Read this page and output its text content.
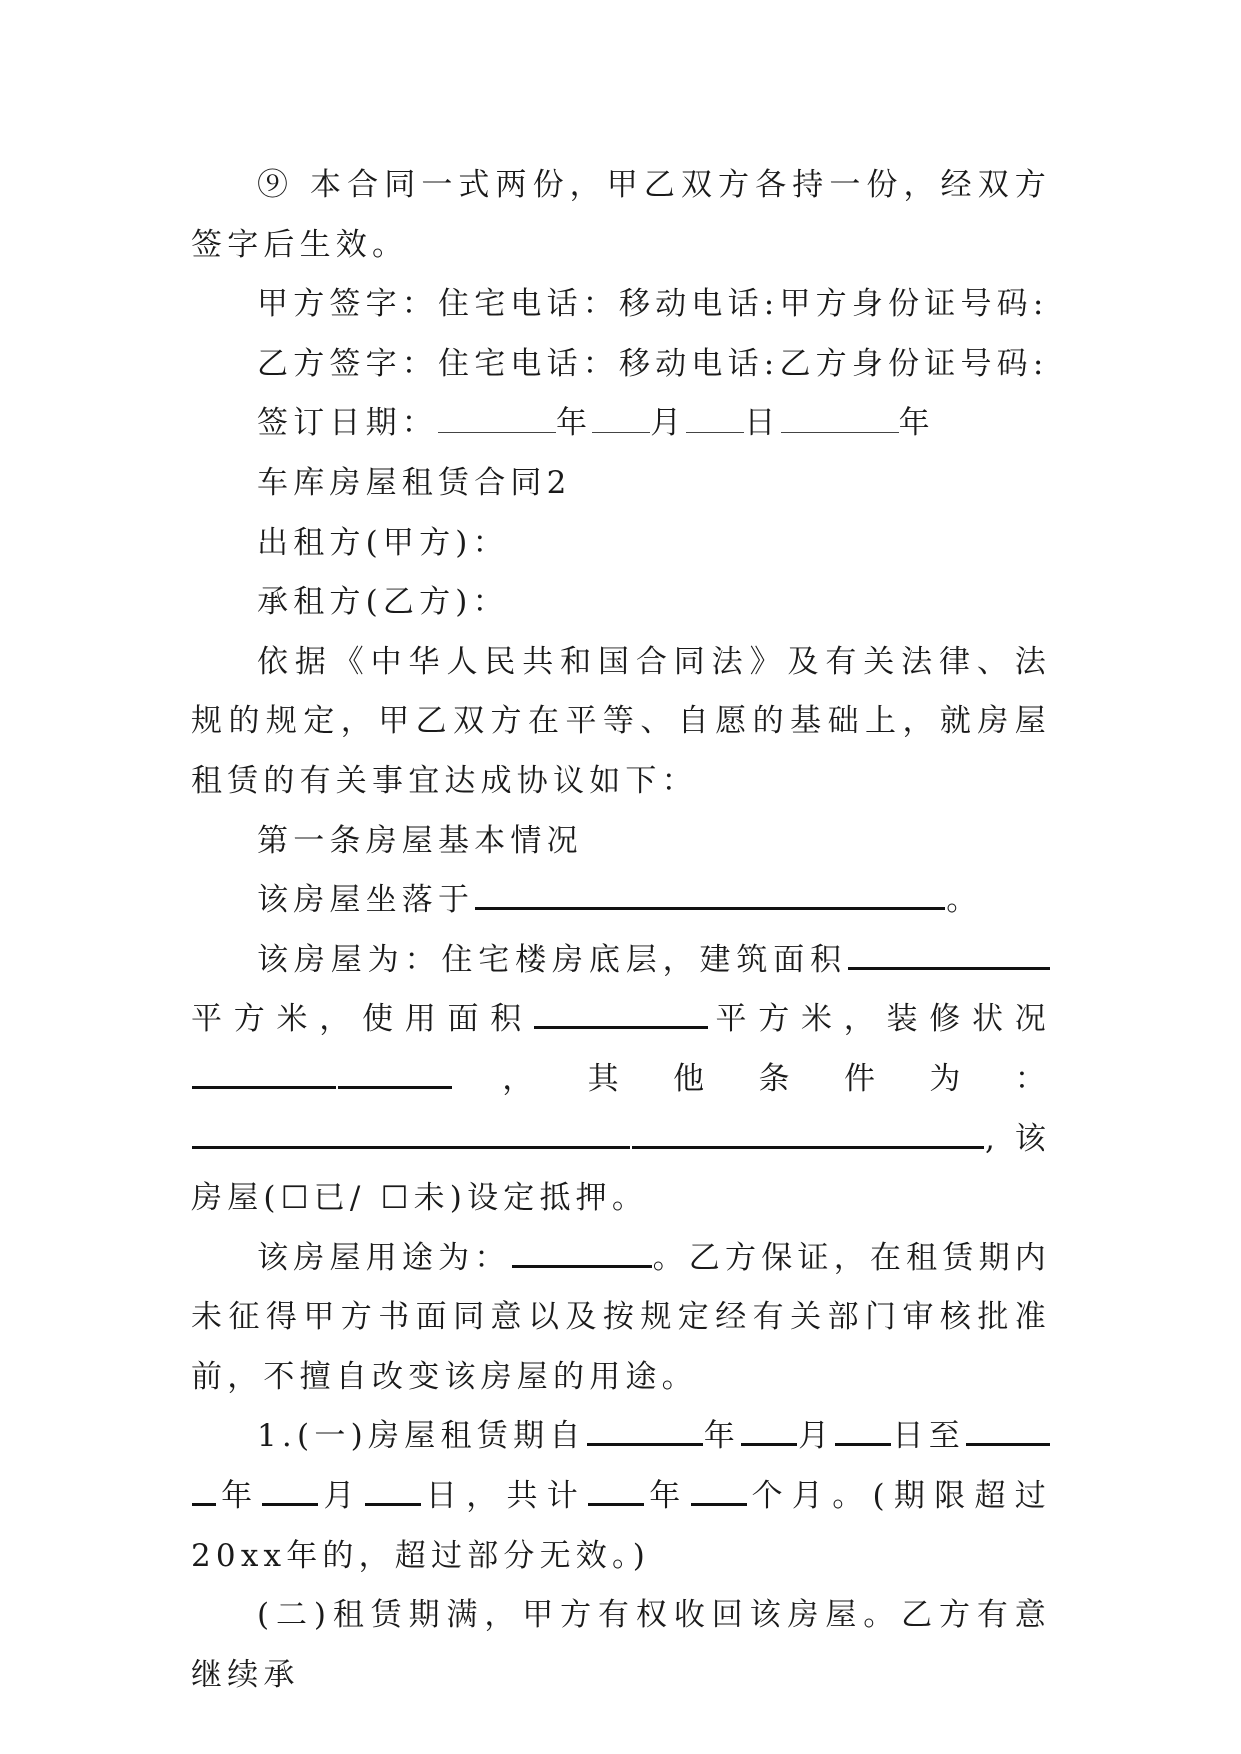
⑨ 本合同一式两份，甲乙双方各持一份，经双方签字后生效。

甲方签字：住宅电话：移动电话:甲方身份证号码:

乙方签字：住宅电话：移动电话:乙方身份证号码:

签订日期：	年 月 日	年

车库房屋租赁合同2

出租方(甲方)：

承租方(乙方)：

依据《中华人民共和国合同法》及有关法律、法规的规定，甲乙双方在平等、自愿的基础上，就房屋租赁的有关事宜达成协议如下：

第一条房屋基本情况

该房屋坐落于	。

该房屋为：住宅楼房底层，建筑面积平方米，使用面积	平方米，装修状况，其他条件为：,该房屋(☐已/ ☐未)设定抵押。

该房屋用途为：	。乙方保证，在租赁期内未征得甲方书面同意以及按规定经有关部门审核批准前，不擅自改变该房屋的用途。

1.(一)房屋租赁期自	年 月 日至年 月 日，共计 年 个月。(期限超过20xx年的，超过部分无效。)

(二)租赁期满，甲方有权收回该房屋。乙方有意继续承
